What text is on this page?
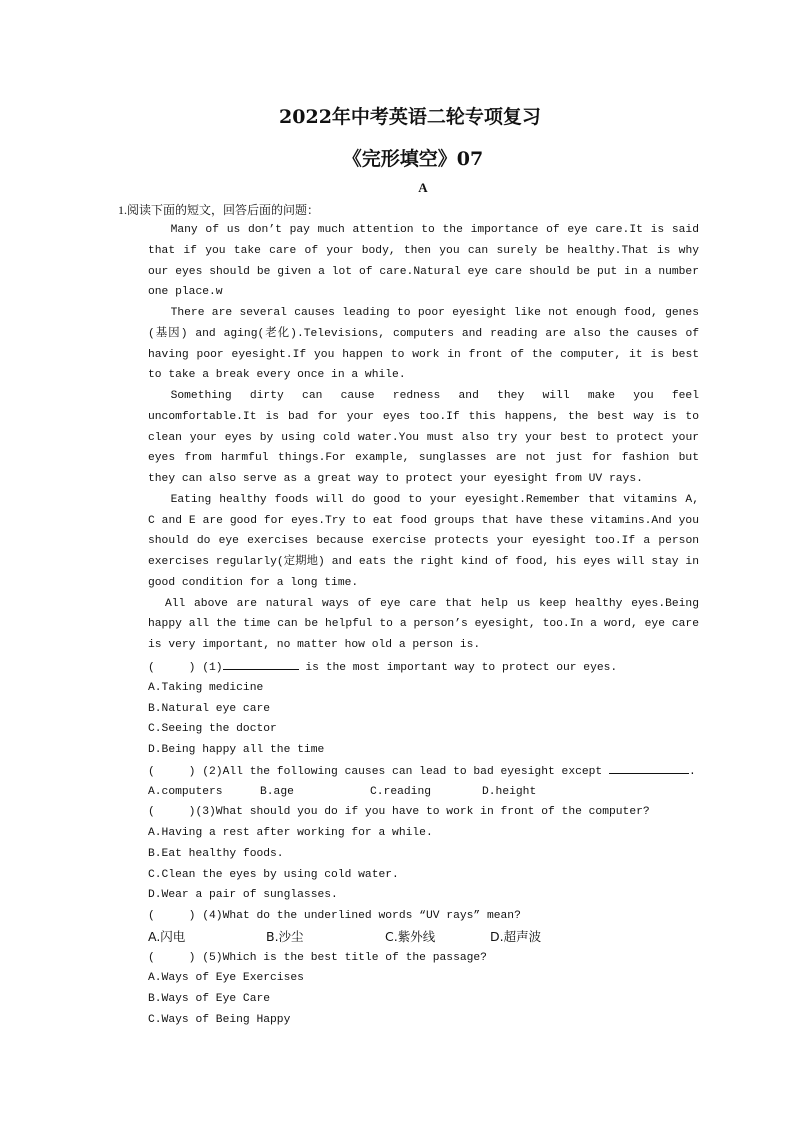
2022年中考英语二轮专项复习
《完形填空》07
A
1.阅读下面的短文，回答后面的问题：

Many of us don’t pay much attention to the importance of eye care.It is said that if you take care of your body, then you can surely be healthy.That is why our eyes should be given a lot of care.Natural eye care should be put in a number one place.w

There are several causes leading to poor eyesight like not enough food, genes (基因) and aging(老化).Televisions, computers and reading are also the causes of having poor eyesight.If you happen to work in front of the computer, it is best to take a break every once in a while.

Something dirty can cause redness and they will make you feel uncomfortable.It is bad for your eyes too.If this happens, the best way is to clean your eyes by using cold water.You must also try your best to protect your eyes from harmful things.For example, sunglasses are not just for fashion but they can also serve as a great way to protect your eyesight from UV rays.

Eating healthy foods will do good to your eyesight.Remember that vitamins A, C and E are good for eyes.Try to eat food groups that have these vitamins.And you should do eye exercises because exercise protects your eyesight too.If a person exercises regularly(定期地) and eats the right kind of food, his eyes will stay in good condition for a long time.

All above are natural ways of eye care that help us keep healthy eyes.Being happy all the time can be helpful to a person’s eyesight, too.In a word, eye care is very important, no matter how old a person is.

(     ) (1)	is the most important way to protect our eyes.
A.Taking medicine
B.Natural eye care
C.Seeing the doctor
D.Being happy all the time
(     ) (2)All the following causes can lead to bad eyesight except	.
A.computers	B.age	C.reading	D.height
(     )(3)What should you do if you have to work in front of the computer?
A.Having a rest after working for a while.
B.Eat healthy foods.
C.Clean the eyes by using cold water.
D.Wear a pair of sunglasses.
(     ) (4)What do the underlined words “UV rays” mean?
A.闪电	B.沙尘	C.紫外线	D.超声波
(     ) (5)Which is the best title of the passage?
A.Ways of Eye Exercises
B.Ways of Eye Care
C.Ways of Being Happy
